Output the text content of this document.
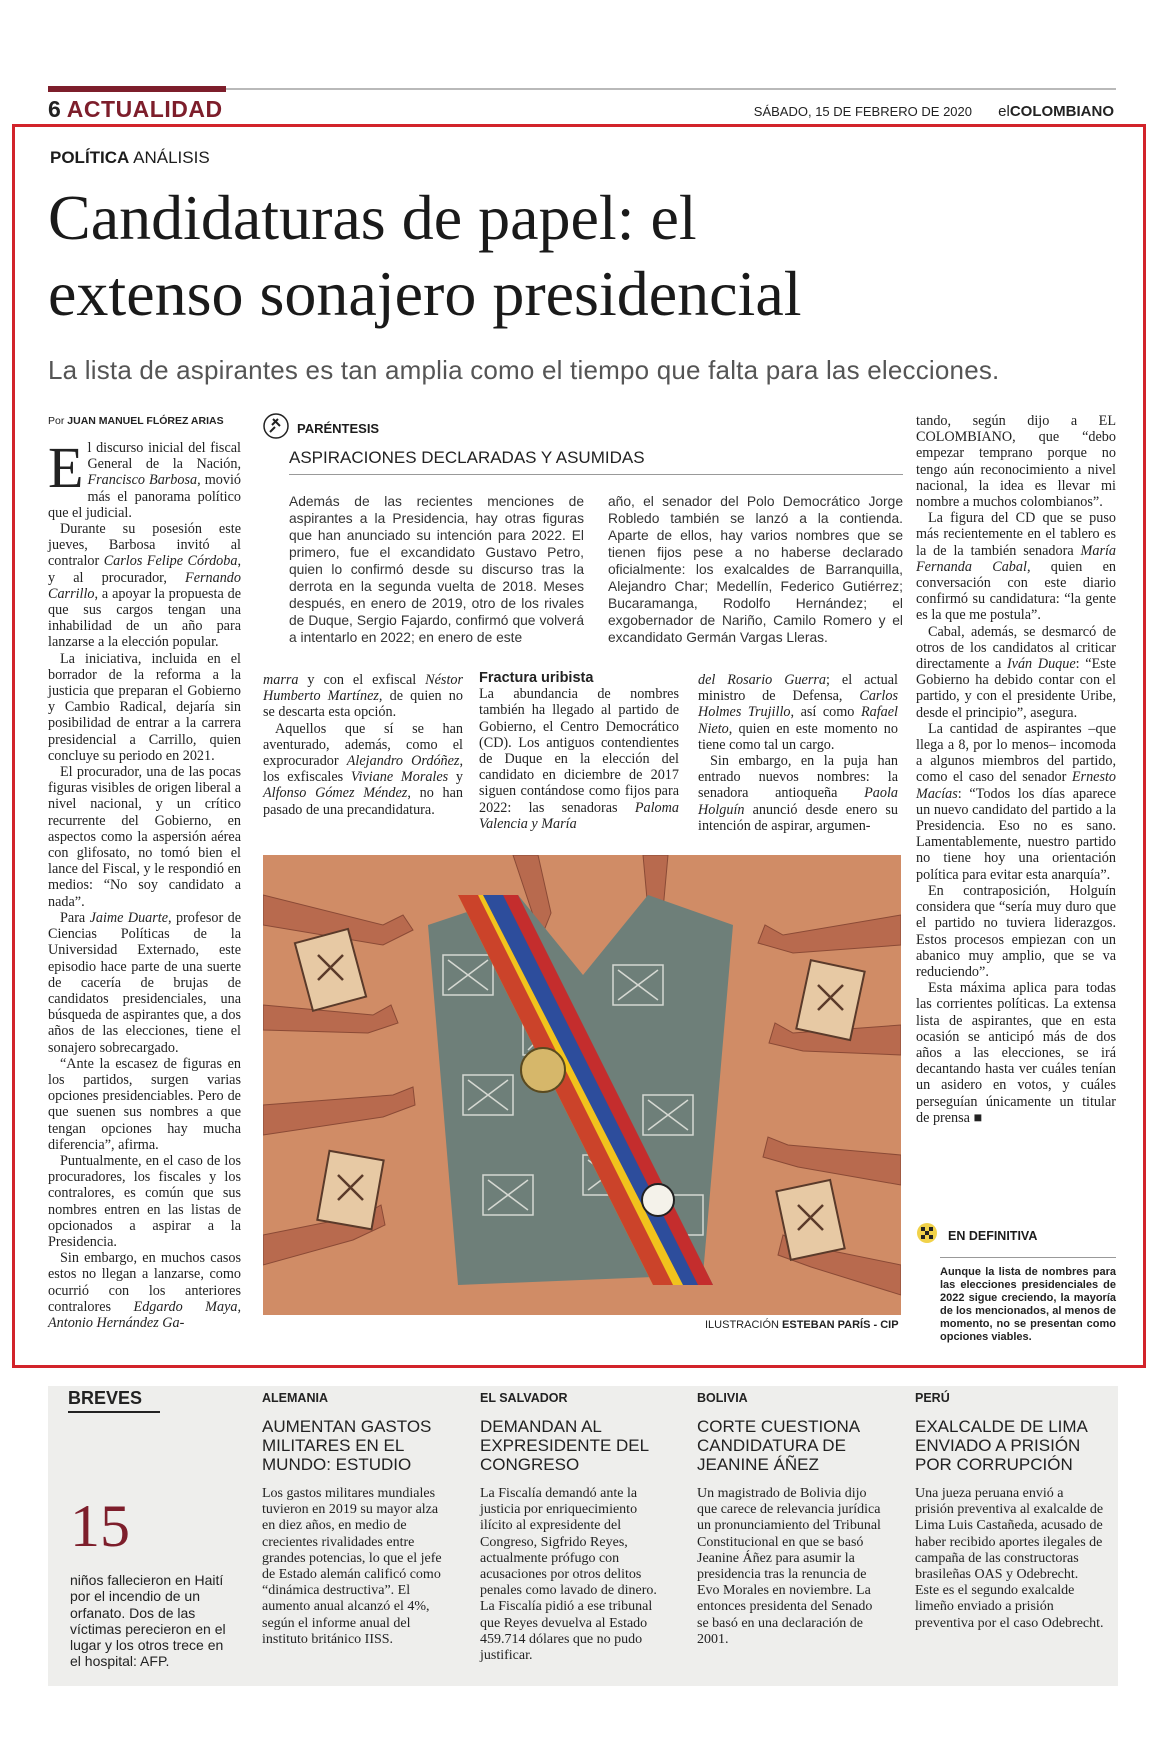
6 ACTUALIDAD	SÁBADO, 15 DE FEBRERO DE 2020 elCOLOMBIANO
POLÍTICA ANÁLISIS
Candidaturas de papel: el
extenso sonajero presidencial
La lista de aspirantes es tan amplia como el tiempo que falta para las elecciones.
Por JUAN MANUEL FLÓREZ ARIAS

El discurso inicial del fiscal General de la Nación, Francisco Barbosa, movió más el panorama político que el judicial.

Durante su posesión este jueves, Barbosa invitó al contralor Carlos Felipe Córdoba, y al procurador, Fernando Carrillo, a apoyar la propuesta de que sus cargos tengan una inhabilidad de un año para lanzarse a la elección popular.

La iniciativa, incluida en el borrador de la reforma a la justicia que preparan el Gobierno y Cambio Radical, dejaría sin posibilidad de entrar a la carrera presidencial a Carrillo, quien concluye su periodo en 2021.

El procurador, una de las pocas figuras visibles de origen liberal a nivel nacional, y un crítico recurrente del Gobierno, en aspectos como la aspersión aérea con glifosato, no tomó bien el lance del Fiscal, y le respondió en medios: “No soy candidato a nada”.

Para Jaime Duarte, profesor de Ciencias Políticas de la Universidad Externado, este episodio hace parte de una suerte de cacería de brujas de candidatos presidenciales, una búsqueda de aspirantes que, a dos años de las elecciones, tiene el sonajero sobrecargado.

“Ante la escasez de figuras en los partidos, surgen varias opciones presidenciables. Pero de que suenen sus nombres a que tengan opciones hay mucha diferencia”, afirma.

Puntualmente, en el caso de los procuradores, los fiscales y los contralores, es común que sus nombres entren en las listas de opcionados a aspirar a la Presidencia.

Sin embargo, en muchos casos estos no llegan a lanzarse, como ocurrió con los anteriores contralores Edgardo Maya, Antonio Hernández Ga-

PARÉNTESIS
ASPIRACIONES DECLARADAS Y ASUMIDAS
Además de las recientes menciones de aspirantes a la Presidencia, hay otras figuras que han anunciado su intención para 2022. El primero, fue el excandidato Gustavo Petro, quien lo confirmó desde su discurso tras la derrota en la segunda vuelta de 2018. Meses después, en enero de 2019, otro de los rivales de Duque, Sergio Fajardo, confirmó que volverá a intentarlo en 2022; en enero de este
año, el senador del Polo Democrático Jorge Robledo también se lanzó a la contienda. Aparte de ellos, hay varios nombres que se tienen fijos pese a no haberse declarado oficialmente: los exalcaldes de Barranquilla, Alejandro Char; Medellín, Federico Gutiérrez; Bucaramanga, Rodolfo Hernández; el exgobernador de Nariño, Camilo Romero y el excandidato Germán Vargas Lleras.

marra y con el exfiscal Néstor Humberto Martínez, de quien no se descarta esta opción.

Aquellos que sí se han aventurado, además, como el exprocurador Alejandro Ordóñez, los exfiscales Viviane Morales y Alfonso Gómez Méndez, no han pasado de una precandidatura.

Fractura uribista

La abundancia de nombres también ha llegado al partido de Gobierno, el Centro Democrático (CD). Los antiguos contendientes de Duque en la elección del candidato en diciembre de 2017 siguen contándose como fijos para 2022: las senadoras Paloma Valencia y María

del Rosario Guerra; el actual ministro de Defensa, Carlos Holmes Trujillo, así como Rafael Nieto, quien en este momento no tiene como tal un cargo.

Sin embargo, en la puja han entrado nuevos nombres: la senadora antioqueña Paola Holguín anunció desde enero su intención de aspirar, argumen-

ILUSTRACIÓN ESTEBAN PARÍS - CIP

tando, según dijo a EL COLOMBIANO, que “debo empezar temprano porque no tengo aún reconocimiento a nivel nacional, la idea es llevar mi nombre a muchos colombianos”.

La figura del CD que se puso más recientemente en el tablero es la de la también senadora María Fernanda Cabal, quien en conversación con este diario confirmó su candidatura: “la gente es la que me postula”.

Cabal, además, se desmarcó de otros de los candidatos al criticar directamente a Iván Duque: “Este Gobierno ha debido contar con el partido, y con el presidente Uribe, desde el principio”, asegura.

La cantidad de aspirantes –que llega a 8, por lo menos– incomoda a algunos miembros del partido, como el caso del senador Ernesto Macías: “Todos los días aparece un nuevo candidato del partido a la Presidencia. Eso no es sano. Lamentablemente, nuestro partido no tiene hoy una orientación política para evitar esta anarquía”.

En contraposición, Holguín considera que “sería muy duro que el partido no tuviera liderazgos. Estos procesos empiezan con un abanico muy amplio, que se va reduciendo”.

Esta máxima aplica para todas las corrientes políticas. La extensa lista de aspirantes, que en esta ocasión se anticipó más de dos años a las elecciones, se irá decantando hasta ver cuáles tenían un asidero en votos, y cuáles perseguían únicamente un titular de prensa ■

EN DEFINITIVA
Aunque la lista de nombres para las elecciones presidenciales de 2022 sigue creciendo, la mayoría de los mencionados, al menos de momento, no se presentan como opciones viables.
BREVES
15
niños fallecieron en Haití por el incendio de un orfanato. Dos de las víctimas perecieron en el lugar y los otros trece en el hospital: AFP.
ALEMANIA
AUMENTAN GASTOS MILITARES EN EL MUNDO: ESTUDIO
Los gastos militares mundiales tuvieron en 2019 su mayor alza en diez años, en medio de crecientes rivalidades entre grandes potencias, lo que el jefe de Estado alemán calificó como “dinámica destructiva”. El aumento anual alcanzó el 4%, según el informe anual del instituto británico IISS.
EL SALVADOR
DEMANDAN AL EXPRESIDENTE DEL CONGRESO
La Fiscalía demandó ante la justicia por enriquecimiento ilícito al expresidente del Congreso, Sigfrido Reyes, actualmente prófugo con acusaciones por otros delitos penales como lavado de dinero. La Fiscalía pidió a ese tribunal que Reyes devuelva al Estado 459.714 dólares que no pudo justificar.
BOLIVIA
CORTE CUESTIONA CANDIDATURA DE JEANINE ÁÑEZ
Un magistrado de Bolivia dijo que carece de relevancia jurídica un pronunciamiento del Tribunal Constitucional en que se basó Jeanine Áñez para asumir la presidencia tras la renuncia de Evo Morales en noviembre. La entonces presidenta del Senado se basó en una declaración de 2001.
PERÚ
EXALCALDE DE LIMA ENVIADO A PRISIÓN POR CORRUPCIÓN
Una jueza peruana envió a prisión preventiva al exalcalde de Lima Luis Castañeda, acusado de haber recibido aportes ilegales de campaña de las constructoras brasileñas OAS y Odebrecht. Este es el segundo exalcalde limeño enviado a prisión preventiva por el caso Odebrecht.
